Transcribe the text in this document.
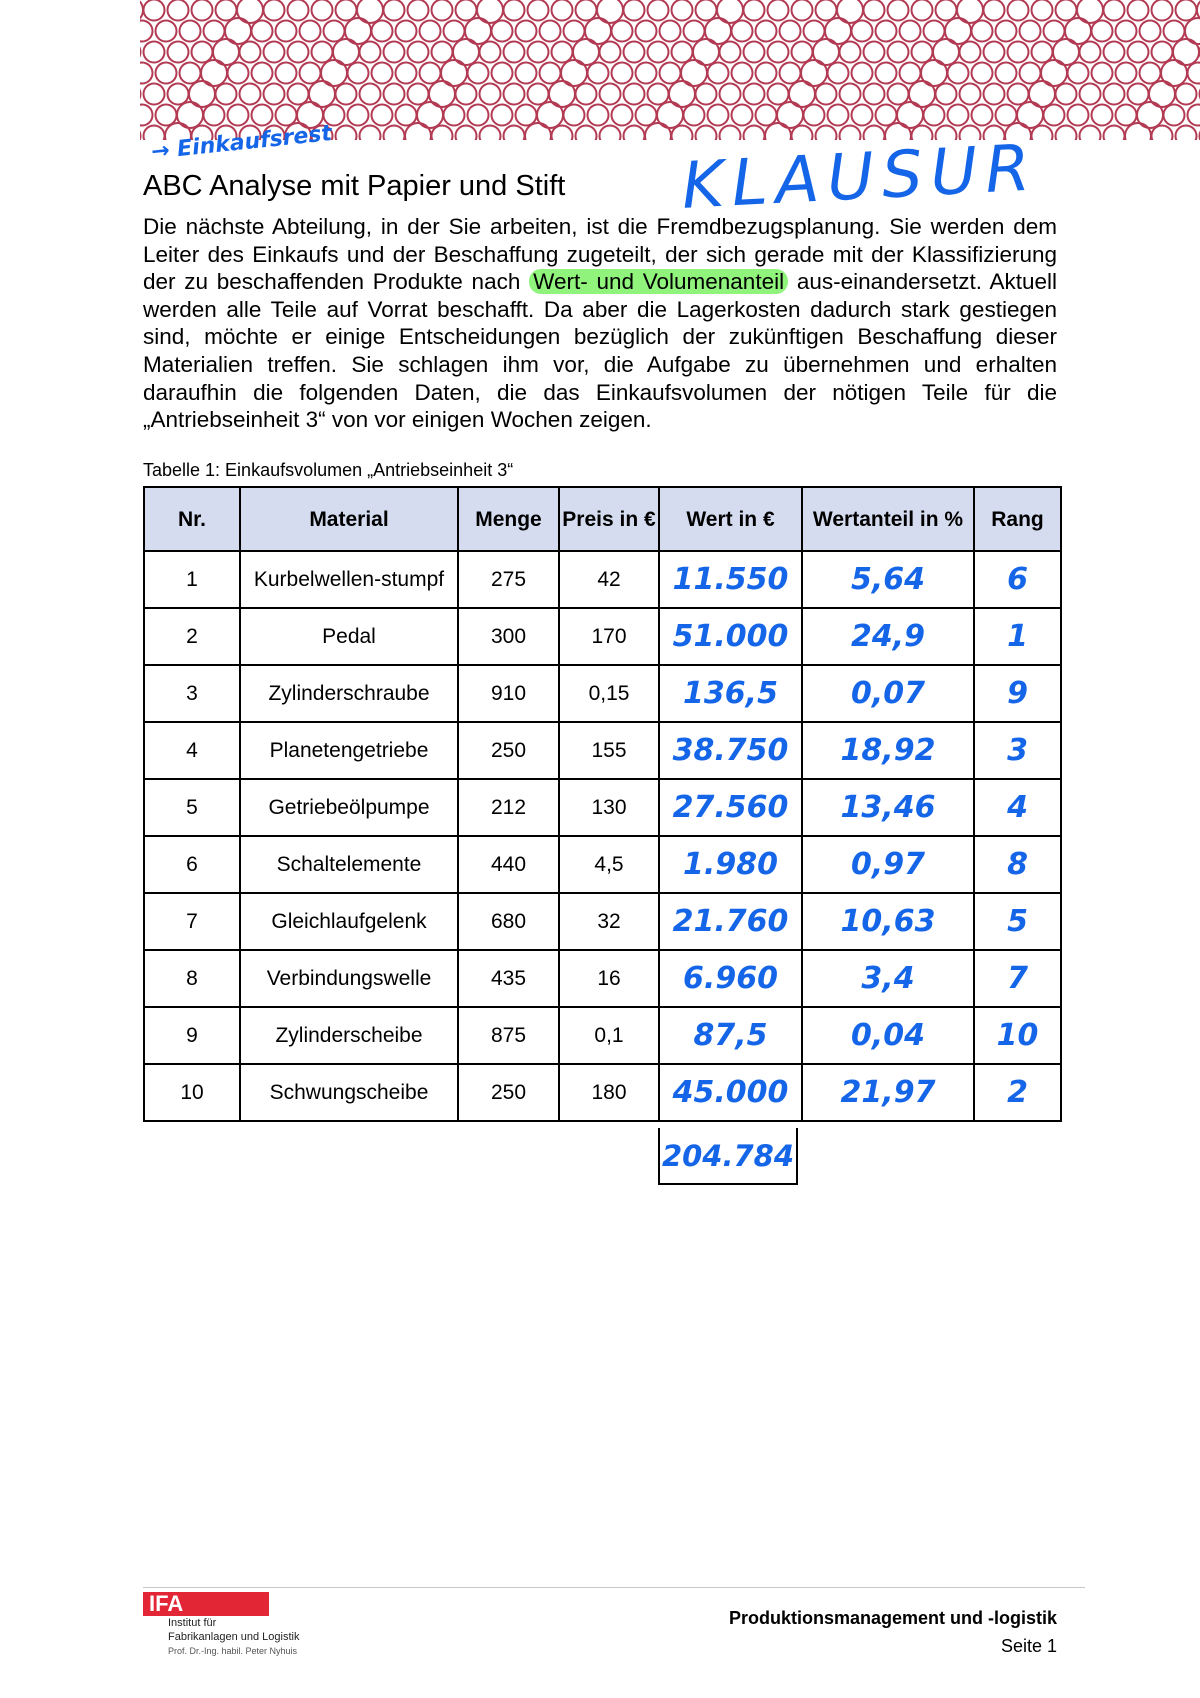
→ Einkaufsrest	KLAUSUR
ABC Analyse mit Papier und Stift

Die nächste Abteilung, in der Sie arbeiten, ist die Fremdbezugsplanung. Sie werden dem Leiter des Einkaufs und der Beschaffung zugeteilt, der sich gerade mit der Klassifizierung der zu beschaffenden Produkte nach Wert- und Volumenanteil aus-einandersetzt. Aktuell werden alle Teile auf Vorrat beschafft. Da aber die Lagerkosten dadurch stark gestiegen sind, möchte er einige Entscheidungen bezüglich der zukünftigen Beschaffung dieser Materialien treffen. Sie schlagen ihm vor, die Aufgabe zu übernehmen und erhalten daraufhin die folgenden Daten, die das Einkaufsvolumen der nötigen Teile für die „Antriebseinheit 3“ von vor einigen Wochen zeigen.

Tabelle 1: Einkaufsvolumen „Antriebseinheit 3“
Nr.	Material	Menge	Preis in €	Wert in €	Wertanteil in %	Rang
1	Kurbelwellen-stumpf	275	42	11.550	5,64	6
2	Pedal	300	170	51.000	24,9	1
3	Zylinderschraube	910	0,15	136,5	0,07	9
4	Planetengetriebe	250	155	38.750	18,92	3
5	Getriebeölpumpe	212	130	27.560	13,46	4
6	Schaltelemente	440	4,5	1.980	0,97	8
7	Gleichlaufgelenk	680	32	21.760	10,63	5
8	Verbindungswelle	435	16	6.960	3,4	7
9	Zylinderscheibe	875	0,1	87,5	0,04	10
10	Schwungscheibe	250	180	45.000	21,97	2
204.784
IFA
Institut für
Fabrikanlagen und Logistik
Prof. Dr.-Ing. habil. Peter Nyhuis
Produktionsmanagement und -logistik
Seite 1
